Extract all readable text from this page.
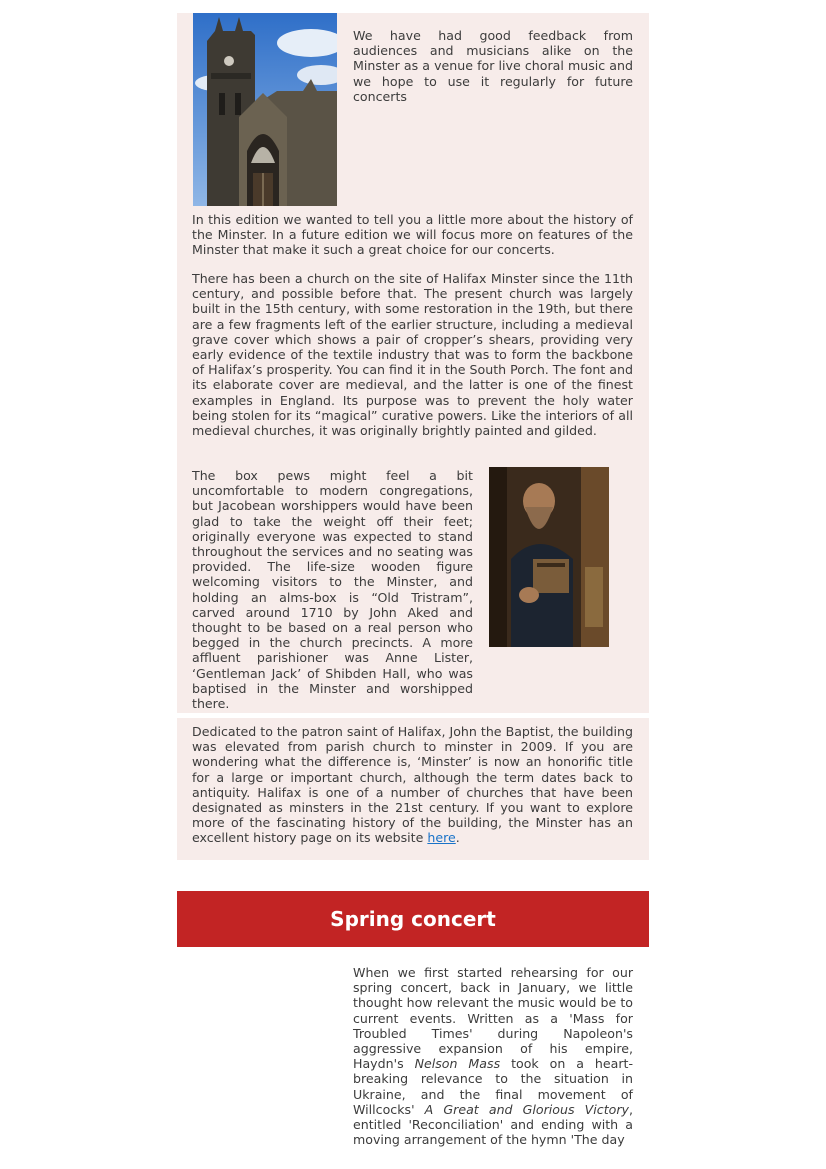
We have had good feedback from audiences and musicians alike on the Minster as a venue for live choral music and we hope to use it regularly for future concerts

In this edition we wanted to tell you a little more about the history of the Minster. In a future edition we will focus more on features of the Minster that make it such a great choice for our concerts.

There has been a church on the site of Halifax Minster since the 11th century, and possible before that. The present church was largely built in the 15th century, with some restoration in the 19th, but there are a few fragments left of the earlier structure, including a medieval grave cover which shows a pair of cropper’s shears, providing very early evidence of the textile industry that was to form the backbone of Halifax’s prosperity. You can find it in the South Porch. The font and its elaborate cover are medieval, and the latter is one of the finest examples in England. Its purpose was to prevent the holy water being stolen for its “magical” curative powers. Like the interiors of all medieval churches, it was originally brightly painted and gilded.

The box pews might feel a bit uncomfortable to modern congregations, but Jacobean worshippers would have been glad to take the weight off their feet; originally everyone was expected to stand throughout the services and no seating was provided. The life-size wooden figure welcoming visitors to the Minster, and holding an alms-box is “Old Tristram”, carved around 1710 by John Aked and thought to be based on a real person who begged in the church precincts. A more affluent parishioner was Anne Lister, ‘Gentleman Jack’ of Shibden Hall, who was baptised in the Minster and worshipped there.

Dedicated to the patron saint of Halifax, John the Baptist, the building was elevated from parish church to minster in 2009. If you are wondering what the difference is, ‘Minster’ is now an honorific title for a large or important church, although the term dates back to antiquity. Halifax is one of a number of churches that have been designated as minsters in the 21st century. If you want to explore more of the fascinating history of the building, the Minster has an excellent history page on its website here.

Spring concert

When we first started rehearsing for our spring concert, back in January, we little thought how relevant the music would be to current events. Written as a 'Mass for Troubled Times' during Napoleon's aggressive expansion of his empire, Haydn's Nelson Mass took on a heart-breaking relevance to the situation in Ukraine, and the final movement of Willcocks' A Great and Glorious Victory, entitled 'Reconciliation' and ending with a moving arrangement of the hymn 'The day
